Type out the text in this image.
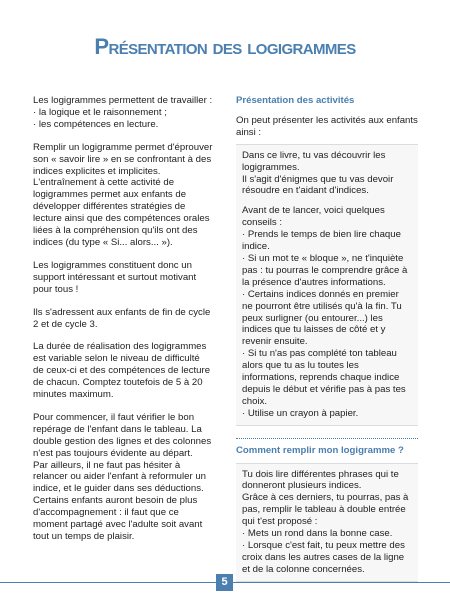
Présentation des logigrammes

Les logigrammes permettent de travailler :
· la logique et le raisonnement ;
· les compétences en lecture.

Remplir un logigramme permet d'éprouver son « savoir lire » en se confrontant à des indices explicites et implicites.

L'entraînement à cette activité de logigrammes permet aux enfants de développer différentes stratégies de lecture ainsi que des compétences orales liées à la compréhension qu'ils ont des indices (du type « Si... alors... »).

Les logigrammes constituent donc un support intéressant et surtout motivant pour tous !

Ils s'adressent aux enfants de fin de cycle 2 et de cycle 3.

La durée de réalisation des logigrammes est variable selon le niveau de difficulté de ceux-ci et des compétences de lecture de chacun. Comptez toutefois de 5 à 20 minutes maximum.

Pour commencer, il faut vérifier le bon repérage de l'enfant dans le tableau. La double gestion des lignes et des colonnes n'est pas toujours évidente au départ.

Par ailleurs, il ne faut pas hésiter à relancer ou aider l'enfant à reformuler un indice, et le guider dans ses déductions.

Certains enfants auront besoin de plus d'accompagnement : il faut que ce moment partagé avec l'adulte soit avant tout un temps de plaisir.

Présentation des activités

On peut présenter les activités aux enfants ainsi :

Dans ce livre, tu vas découvrir les logigrammes.

Il s'agit d'énigmes que tu vas devoir résoudre en t'aidant d'indices.

Avant de te lancer, voici quelques conseils :

· Prends le temps de bien lire chaque indice.

· Si un mot te « bloque », ne t'inquiète pas : tu pourras le comprendre grâce à la présence d'autres informations.

· Certains indices donnés en premier ne pourront être utilisés qu'à la fin. Tu peux surligner (ou entourer...) les indices que tu laisses de côté et y revenir ensuite.

· Si tu n'as pas complété ton tableau alors que tu as lu toutes les informations, reprends chaque indice depuis le début et vérifie pas à pas tes choix.

· Utilise un crayon à papier.

Comment remplir mon logigramme ?

Tu dois lire différentes phrases qui te donneront plusieurs indices.

Grâce à ces derniers, tu pourras, pas à pas, remplir le tableau à double entrée qui t'est proposé :

· Mets un rond dans la bonne case.

· Lorsque c'est fait, tu peux mettre des croix dans les autres cases de la ligne et de la colonne concernées.

5
